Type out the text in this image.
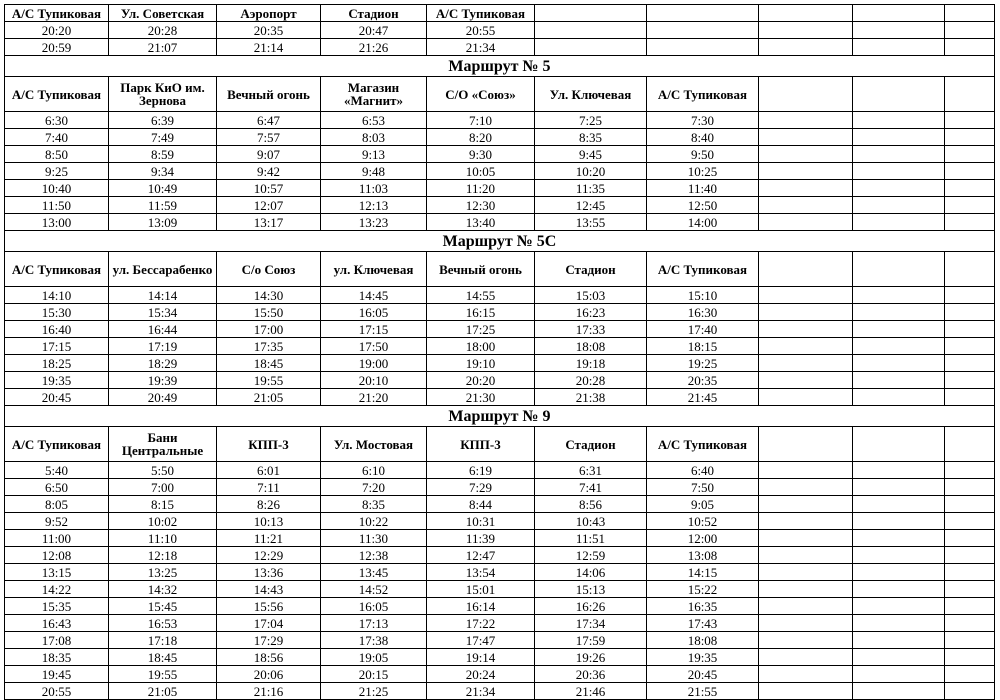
А/С Тупиковая	Ул. Советская	Аэропорт	Стадион	А/С Тупиковая					
20:20	20:28	20:35	20:47	20:55					
20:59	21:07	21:14	21:26	21:34					
Маршрут № 5									
А/С Тупиковая	Парк КиО им. Зернова	Вечный огонь	Магазин «Магнит»	С/О «Союз»	Ул. Ключевая	А/С Тупиковая			
6:30	6:39	6:47	6:53	7:10	7:25	7:30			
7:40	7:49	7:57	8:03	8:20	8:35	8:40			
8:50	8:59	9:07	9:13	9:30	9:45	9:50			
9:25	9:34	9:42	9:48	10:05	10:20	10:25			
10:40	10:49	10:57	11:03	11:20	11:35	11:40			
11:50	11:59	12:07	12:13	12:30	12:45	12:50			
13:00	13:09	13:17	13:23	13:40	13:55	14:00			
Маршрут № 5С									
А/С Тупиковая	ул. Бессарабенко	С/о Союз	ул. Ключевая	Вечный огонь	Стадион	А/С Тупиковая			
14:10	14:14	14:30	14:45	14:55	15:03	15:10			
15:30	15:34	15:50	16:05	16:15	16:23	16:30			
16:40	16:44	17:00	17:15	17:25	17:33	17:40			
17:15	17:19	17:35	17:50	18:00	18:08	18:15			
18:25	18:29	18:45	19:00	19:10	19:18	19:25			
19:35	19:39	19:55	20:10	20:20	20:28	20:35			
20:45	20:49	21:05	21:20	21:30	21:38	21:45			
Маршрут № 9									
А/С Тупиковая	Бани Центральные	КПП-3	Ул. Мостовая	КПП-3	Стадион	А/С Тупиковая			
5:40	5:50	6:01	6:10	6:19	6:31	6:40			
6:50	7:00	7:11	7:20	7:29	7:41	7:50			
8:05	8:15	8:26	8:35	8:44	8:56	9:05			
9:52	10:02	10:13	10:22	10:31	10:43	10:52			
11:00	11:10	11:21	11:30	11:39	11:51	12:00			
12:08	12:18	12:29	12:38	12:47	12:59	13:08			
13:15	13:25	13:36	13:45	13:54	14:06	14:15			
14:22	14:32	14:43	14:52	15:01	15:13	15:22			
15:35	15:45	15:56	16:05	16:14	16:26	16:35			
16:43	16:53	17:04	17:13	17:22	17:34	17:43			
17:08	17:18	17:29	17:38	17:47	17:59	18:08			
18:35	18:45	18:56	19:05	19:14	19:26	19:35			
19:45	19:55	20:06	20:15	20:24	20:36	20:45			
20:55	21:05	21:16	21:25	21:34	21:46	21:55			
